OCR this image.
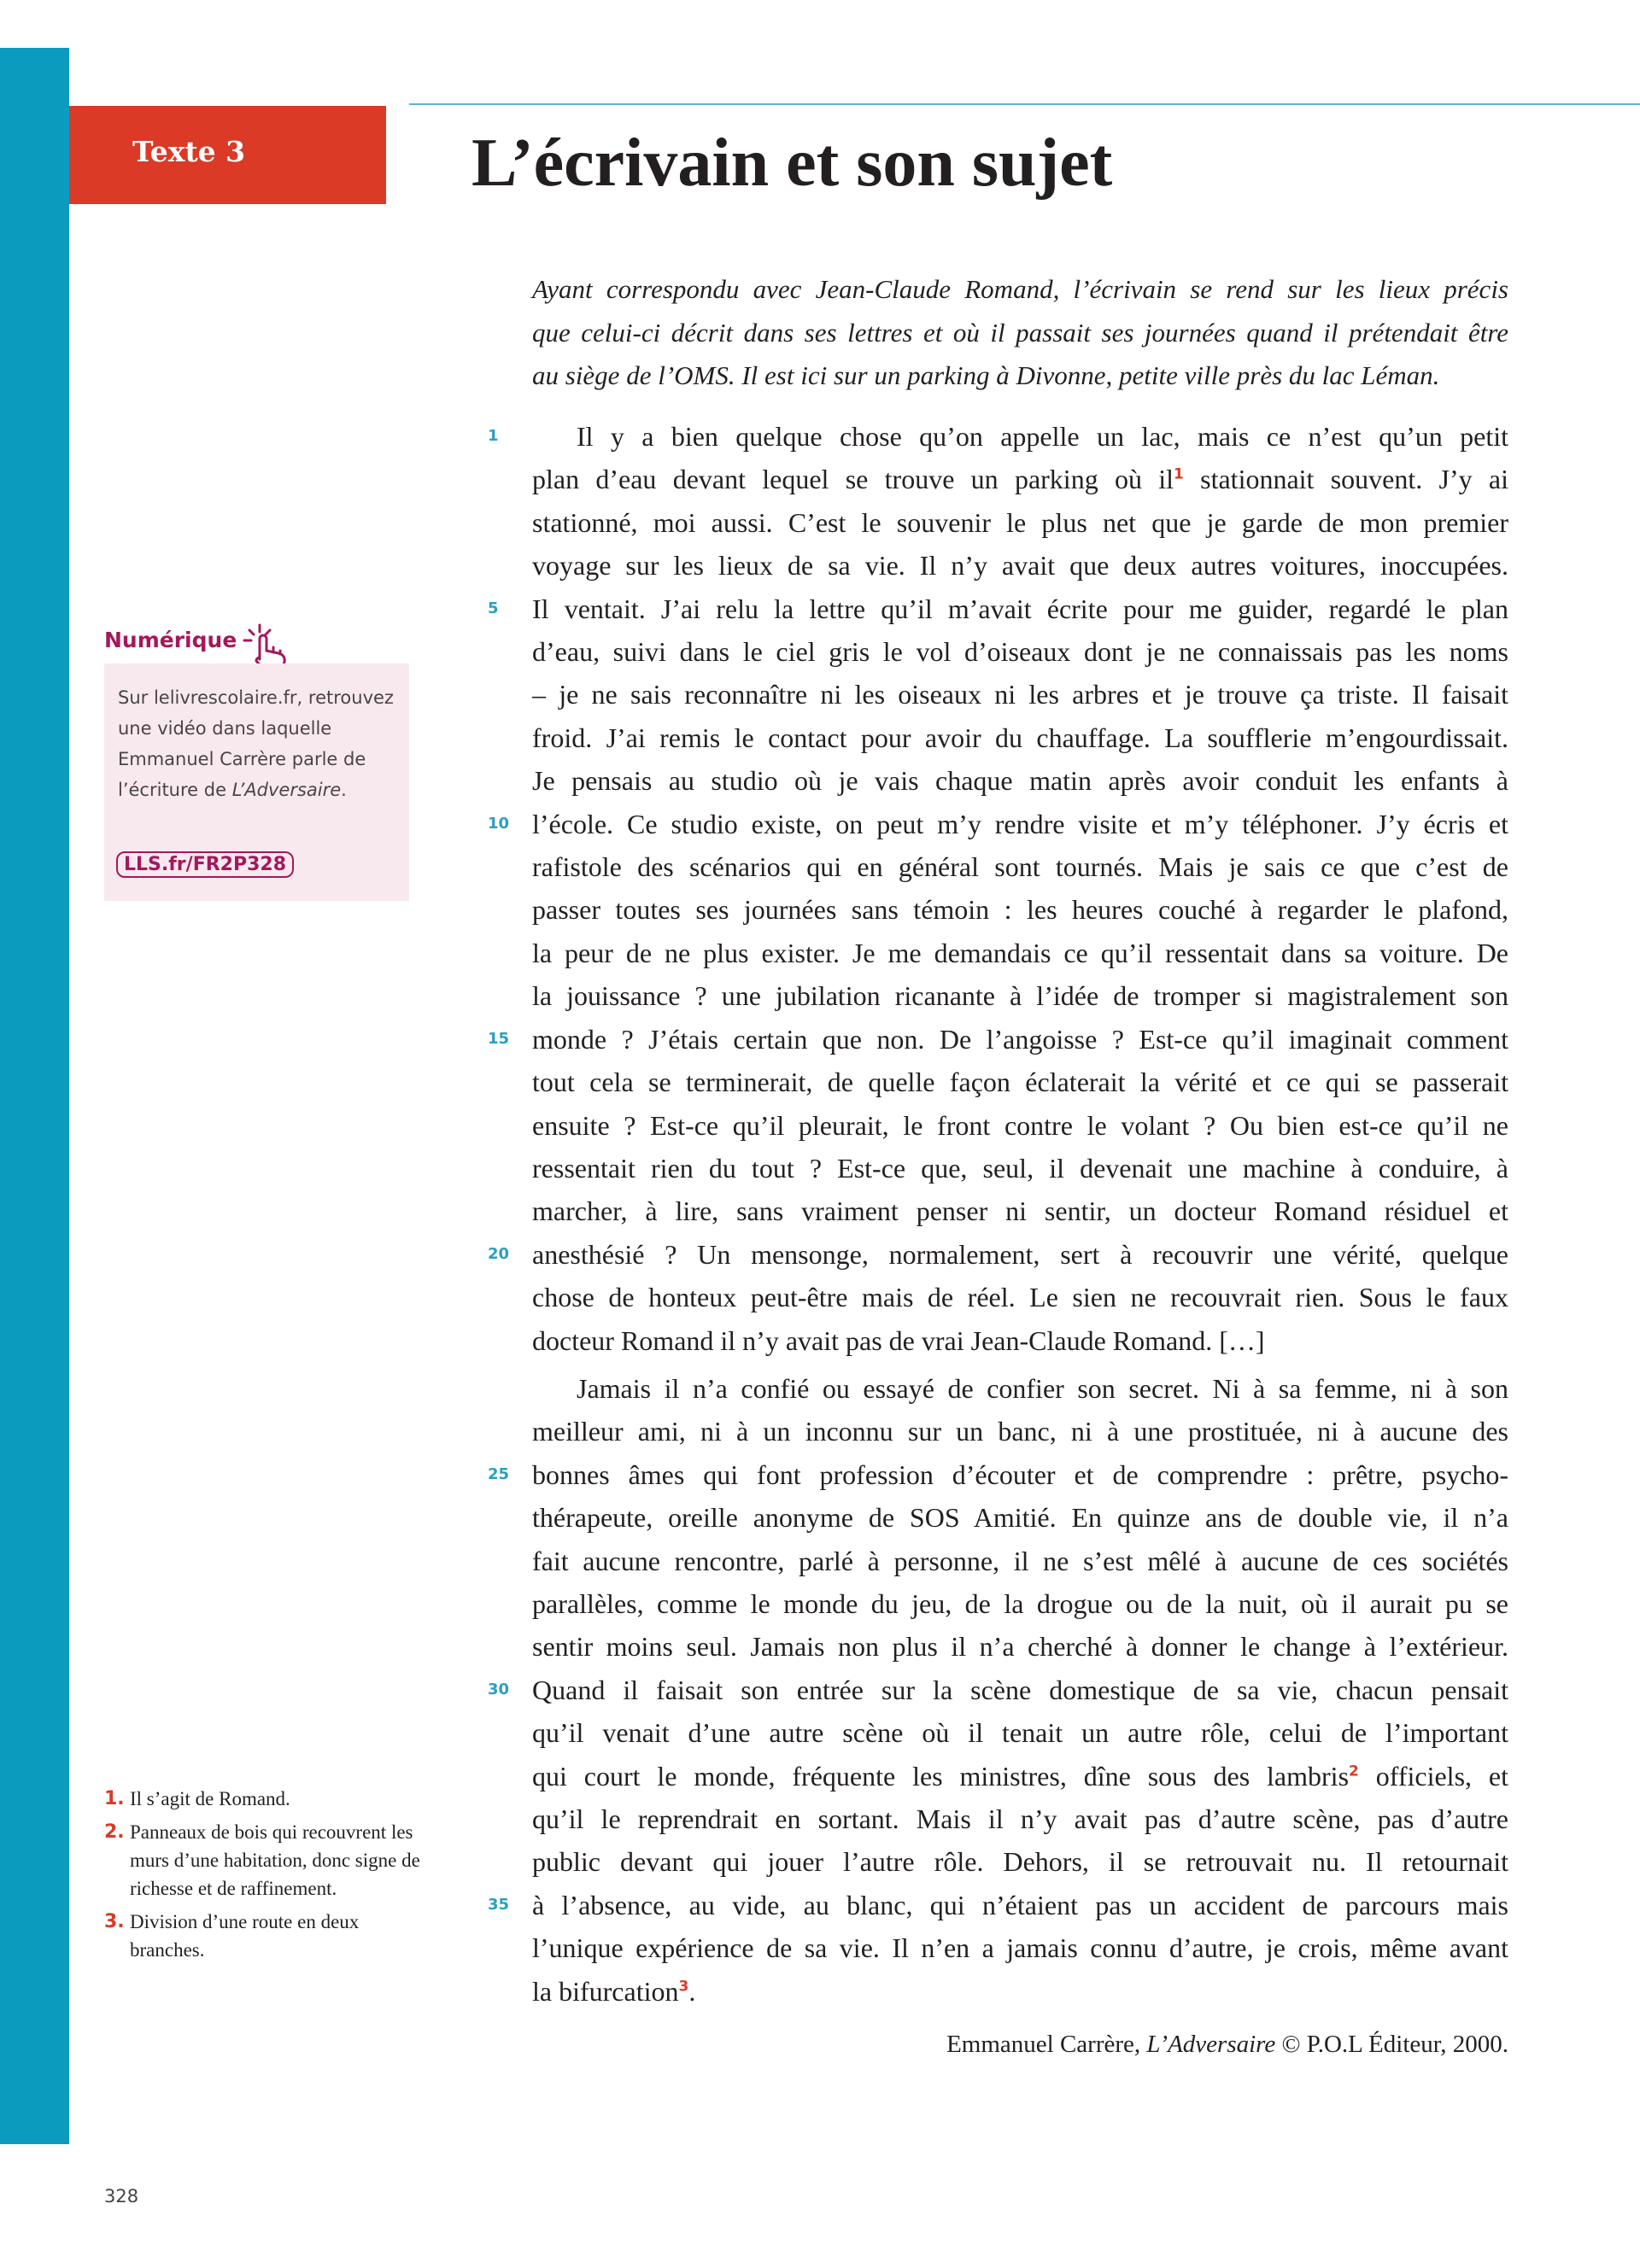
Texte 3	L’écrivain et son sujet
Ayant correspondu avec Jean-Claude Romand, l’écrivain se rend sur les lieux précis
que celui-ci décrit dans ses lettres et où il passait ses journées quand il prétendait être
au siège de l’OMS. Il est ici sur un parking à Divonne, petite ville près du lac Léman.
1	Il y a bien quelque chose qu’on appelle un lac, mais ce n’est qu’un petit
plan d’eau devant lequel se trouve un parking où $il^1$ stationnait souvent. J’y ai
stationné, moi aussi. C’est le souvenir le plus net que je garde de mon premier
voyage sur les lieux de sa vie. Il n’y avait que deux autres voitures, inoccupées.
5	Il ventait. J’ai relu la lettre qu’il m’avait écrite pour me guider, regardé le plan
d’eau, suivi dans le ciel gris le vol d’oiseaux dont je ne connaissais pas les noms
– je ne sais reconnaître ni les oiseaux ni les arbres et je trouve ça triste. Il faisait
froid. J’ai remis le contact pour avoir du chauffage. La soufflerie m’engourdissait.
Je pensais au studio où je vais chaque matin après avoir conduit les enfants à
10 l’école. Ce studio existe, on peut m’y rendre visite et m’y téléphoner. J’y écris et
rafistole des scénarios qui en général sont tournés. Mais je sais ce que c’est de
passer toutes ses journées sans témoin : les heures couché à regarder le plafond,
la peur de ne plus exister. Je me demandais ce qu’il ressentait dans sa voiture. De
la jouissance ? une jubilation ricanante à l’idée de tromper si magistralement son
15 monde ? J’étais certain que non. De l’angoisse ? Est-ce qu’il imaginait comment
tout cela se terminerait, de quelle façon éclaterait la vérité et ce qui se passerait
ensuite ? Est-ce qu’il pleurait, le front contre le volant ? Ou bien est-ce qu’il ne
ressentait rien du tout ? Est-ce que, seul, il devenait une machine à conduire, à
marcher, à lire, sans vraiment penser ni sentir, un docteur Romand résiduel et
20 anesthésié ? Un mensonge, normalement, sert à recouvrir une vérité, quelque
chose de honteux peut-être mais de réel. Le sien ne recouvrait rien. Sous le faux
docteur Romand il n’y avait pas de vrai Jean-Claude Romand. […]
Jamais il n’a confié ou essayé de confier son secret. Ni à sa femme, ni à son
meilleur ami, ni à un inconnu sur un banc, ni à une prostituée, ni à aucune des
25 bonnes âmes qui font profession d’écouter et de comprendre : prêtre, psycho-
thérapeute, oreille anonyme de SOS Amitié. En quinze ans de double vie, il n’a
fait aucune rencontre, parlé à personne, il ne s’est mêlé à aucune de ces sociétés
parallèles, comme le monde du jeu, de la drogue ou de la nuit, où il aurait pu se
sentir moins seul. Jamais non plus il n’a cherché à donner le change à l’extérieur.
30 Quand il faisait son entrée sur la scène domestique de sa vie, chacun pensait
qu’il venait d’une autre scène où il tenait un autre rôle, celui de l’important
qui court le monde, fréquente les ministres, dîne sous des lambris$^2$ officiels, et
qu’il le reprendrait en sortant. Mais il n’y avait pas d’autre scène, pas d’autre
public devant qui jouer l’autre rôle. Dehors, il se retrouvait nu. Il retournait
35 à l’absence, au vide, au blanc, qui n’étaient pas un accident de parcours mais
l’unique expérience de sa vie. Il n’en a jamais connu d’autre, je crois, même avant
la bifurcation$^3$.
Numérique
Sur lelivrescolaire.fr, retrouvez une vidéo dans laquelle Emmanuel Carrère parle de l’écriture de L’Adversaire.
LLS.fr/FR2P328
1. Il s’agit de Romand.
2. Panneaux de bois qui recouvrent les murs d’une habitation, donc signe de richesse et de raffinement.
3. Division d’une route en deux branches.
Emmanuel Carrère, L’Adversaire © P.O.L Éditeur, 2000.
328
